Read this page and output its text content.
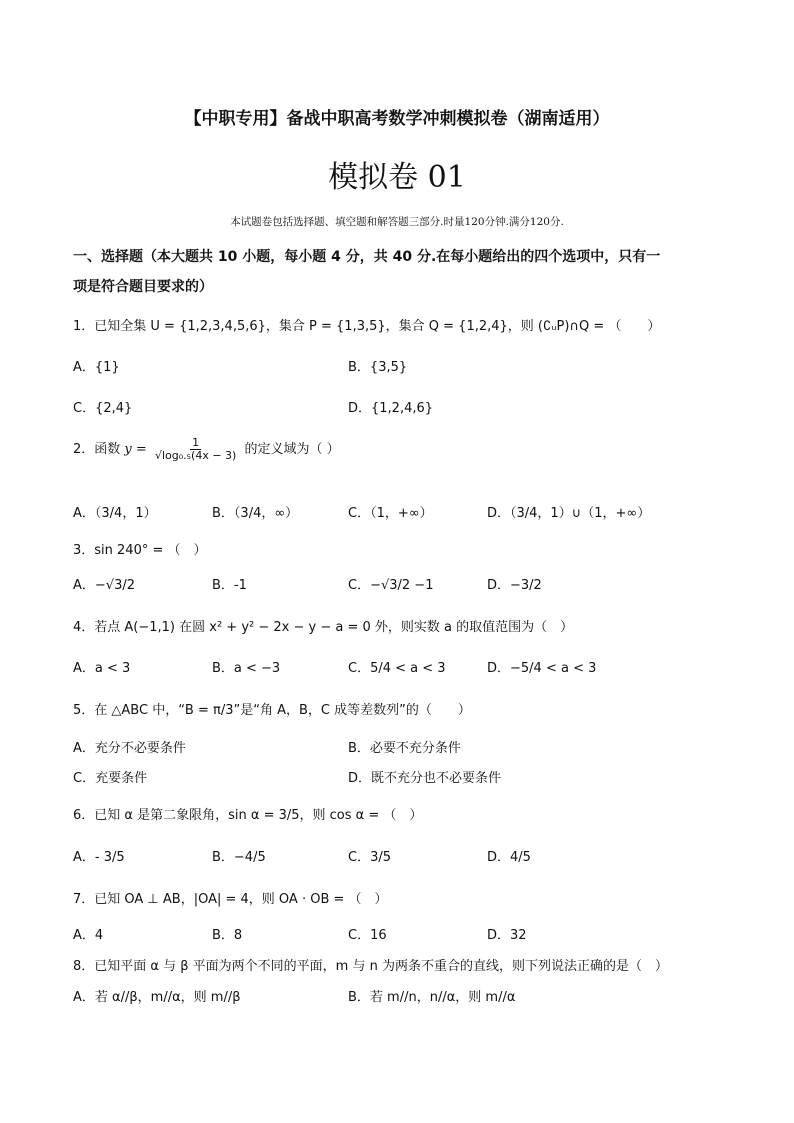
【中职专用】备战中职高考数学冲刺模拟卷（湖南适用）
模拟卷 01
本试题卷包括选择题、填空题和解答题三部分.时量120分钟.满分120分.
一、选择题（本大题共 10 小题，每小题 4 分，共 40 分.在每小题给出的四个选项中，只有一
项是符合题目要求的）
1．已知全集 U = {1,2,3,4,5,6}，集合 P = {1,3,5}，集合 Q = {1,2,4}，则 (∁ᵤP)∩Q = （　　）
A．{1}	B．{3,5}
C．{2,4}	D．{1,2,4,6}
2．函数 $y = \frac{1}{\text{√log₀.₅(4x − 3)}}$ 的定义域为（ ）
A．（3/4，1）	B．（3/4，∞）	C．（1，+∞）	D．（3/4，1）∪（1，+∞）
3．sin 240° = （　）
A．−√3/2	B．-1	C．−√3/2 −1	D．−3/2
4．若点 A(−1,1) 在圆 x² + y² − 2x − y − a = 0 外，则实数 a 的取值范围为（　）
A．a < 3	B．a < −3	C．5/4 < a < 3	D．−5/4 < a < 3
5．在 △ABC 中，“B = π/3”是“角 A，B，C 成等差数列”的（　　）
A．充分不必要条件	B．必要不充分条件
C．充要条件	D．既不充分也不必要条件
6．已知 α 是第二象限角，sin α = 3/5，则 cos α = （　）
A．- 3/5	B．−4/5	C．3/5	D．4/5
7．已知 OA ⊥ AB，|OA| = 4，则 OA · OB = （　）
A．4	B．8	C．16	D．32
8．已知平面 α 与 β 平面为两个不同的平面，m 与 n 为两条不重合的直线，则下列说法正确的是（　）
A．若 α//β，m//α，则 m//β	B．若 m//n，n//α，则 m//α
